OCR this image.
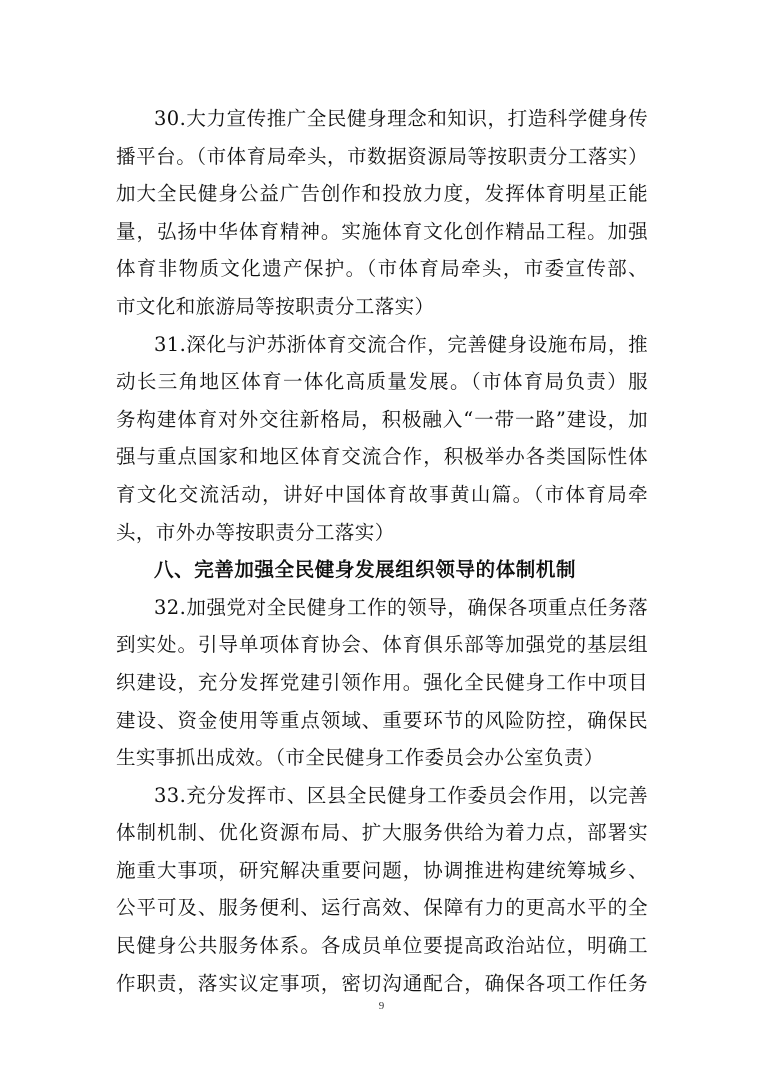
30.大力宣传推广全民健身理念和知识，打造科学健身传
播平台。（市体育局牵头，市数据资源局等按职责分工落实）
加大全民健身公益广告创作和投放力度，发挥体育明星正能
量，弘扬中华体育精神。实施体育文化创作精品工程。加强
体育非物质文化遗产保护。（市体育局牵头，市委宣传部、
市文化和旅游局等按职责分工落实）
31.深化与沪苏浙体育交流合作，完善健身设施布局，推
动长三角地区体育一体化高质量发展。（市体育局负责）服
务构建体育对外交往新格局，积极融入“一带一路”建设，加
强与重点国家和地区体育交流合作，积极举办各类国际性体
育文化交流活动，讲好中国体育故事黄山篇。（市体育局牵
头，市外办等按职责分工落实）
八、完善加强全民健身发展组织领导的体制机制
32.加强党对全民健身工作的领导，确保各项重点任务落
到实处。引导单项体育协会、体育俱乐部等加强党的基层组
织建设，充分发挥党建引领作用。强化全民健身工作中项目
建设、资金使用等重点领域、重要环节的风险防控，确保民
生实事抓出成效。（市全民健身工作委员会办公室负责）
33.充分发挥市、区县全民健身工作委员会作用，以完善
体制机制、优化资源布局、扩大服务供给为着力点，部署实
施重大事项，研究解决重要问题，协调推进构建统筹城乡、
公平可及、服务便利、运行高效、保障有力的更高水平的全
民健身公共服务体系。各成员单位要提高政治站位，明确工
作职责，落实议定事项，密切沟通配合，确保各项工作任务
9
